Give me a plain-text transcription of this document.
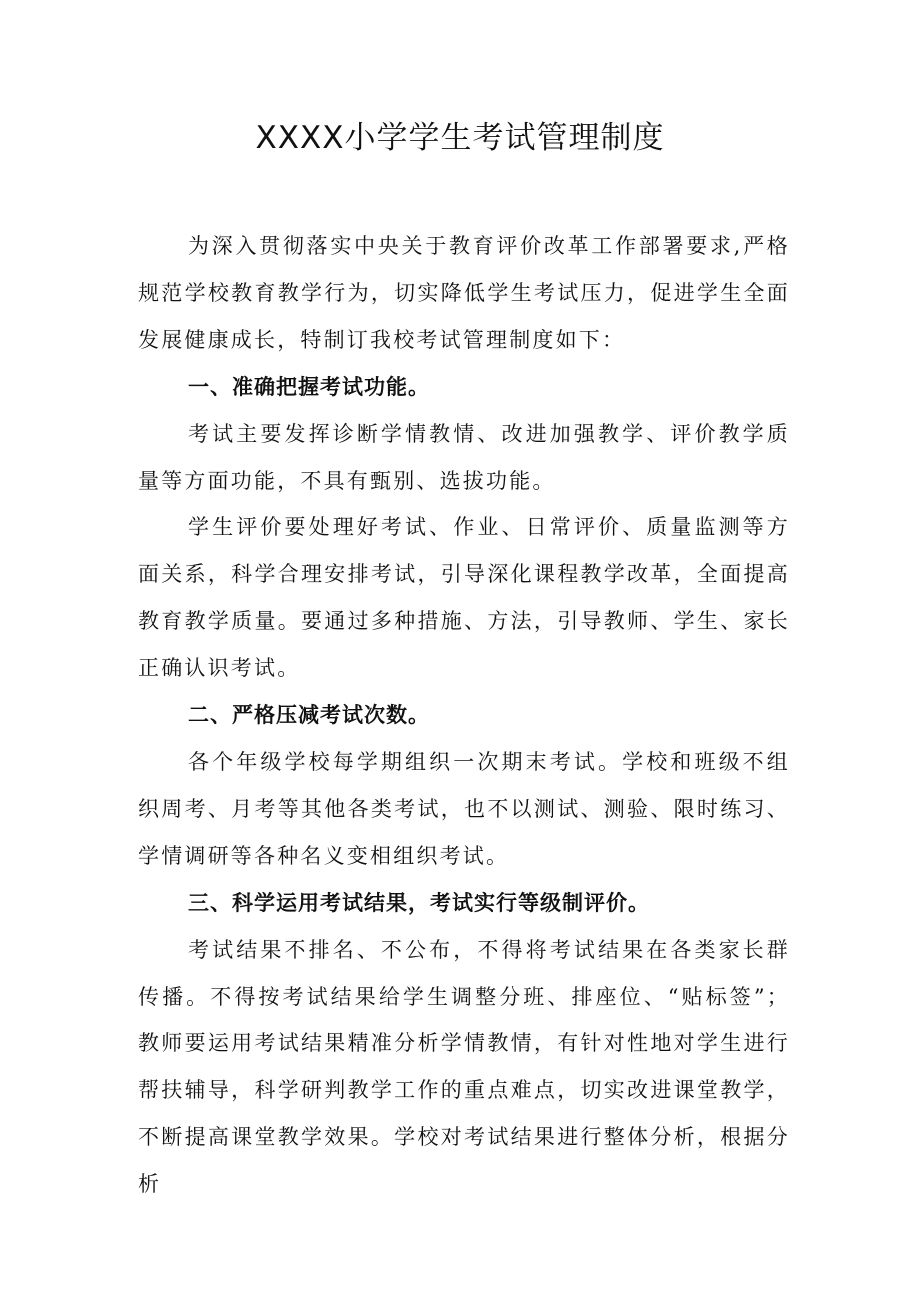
XXXX小学学生考试管理制度

为深入贯彻落实中央关于教育评价改革工作部署要求,严格规范学校教育教学行为，切实降低学生考试压力，促进学生全面发展健康成长，特制订我校考试管理制度如下：

一、准确把握考试功能。

考试主要发挥诊断学情教情、改进加强教学、评价教学质量等方面功能，不具有甄别、选拔功能。

学生评价要处理好考试、作业、日常评价、质量监测等方面关系，科学合理安排考试，引导深化课程教学改革，全面提高教育教学质量。要通过多种措施、方法，引导教师、学生、家长正确认识考试。

二、严格压减考试次数。

各个年级学校每学期组织一次期末考试。学校和班级不组织周考、月考等其他各类考试，也不以测试、测验、限时练习、学情调研等各种名义变相组织考试。

三、科学运用考试结果，考试实行等级制评价。

考试结果不排名、不公布，不得将考试结果在各类家长群传播。不得按考试结果给学生调整分班、排座位、“贴标签”；教师要运用考试结果精准分析学情教情，有针对性地对学生进行帮扶辅导，科学研判教学工作的重点难点，切实改进课堂教学，不断提高课堂教学效果。学校对考试结果进行整体分析，根据分析
